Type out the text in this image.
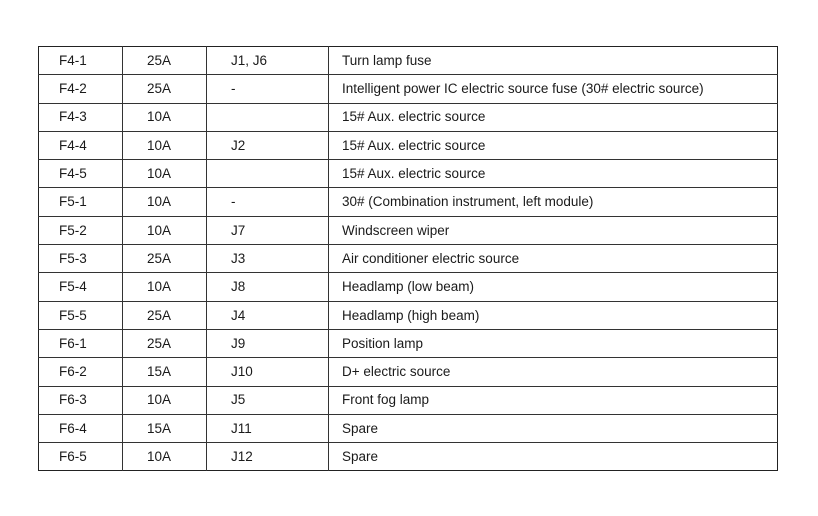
F4-1	25A	J1, J6	Turn lamp fuse
F4-2	25A	-	Intelligent power IC electric source fuse (30# electric source)
F4-3	10A		15# Aux. electric source
F4-4	10A	J2	15# Aux. electric source
F4-5	10A		15# Aux. electric source
F5-1	10A	-	30# (Combination instrument, left module)
F5-2	10A	J7	Windscreen wiper
F5-3	25A	J3	Air conditioner electric source
F5-4	10A	J8	Headlamp (low beam)
F5-5	25A	J4	Headlamp (high beam)
F6-1	25A	J9	Position lamp
F6-2	15A	J10	D+ electric source
F6-3	10A	J5	Front fog lamp
F6-4	15A	J11	Spare
F6-5	10A	J12	Spare
